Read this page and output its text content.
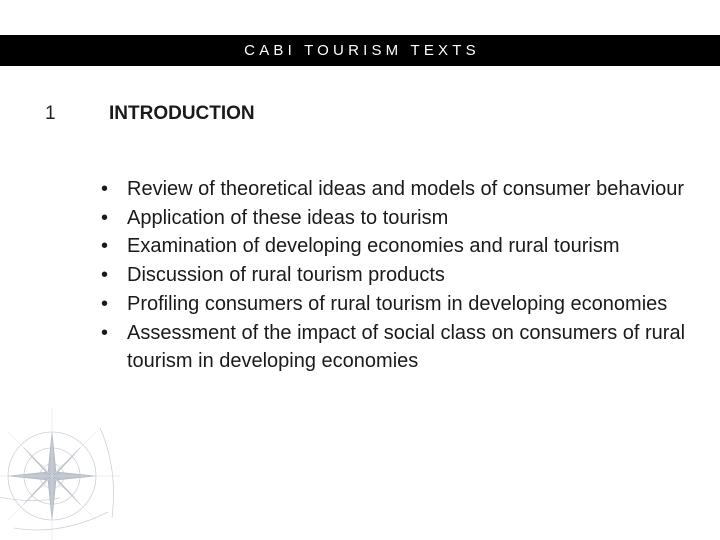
CABI TOURISM TEXTS
1	INTRODUCTION
• Review of theoretical ideas and models of consumer behaviour
• Application of these ideas to tourism
• Examination of developing economies and rural tourism
• Discussion of rural tourism products
• Profiling consumers of rural tourism in developing economies
• Assessment of the impact of social class on consumers of rural tourism in developing economies
